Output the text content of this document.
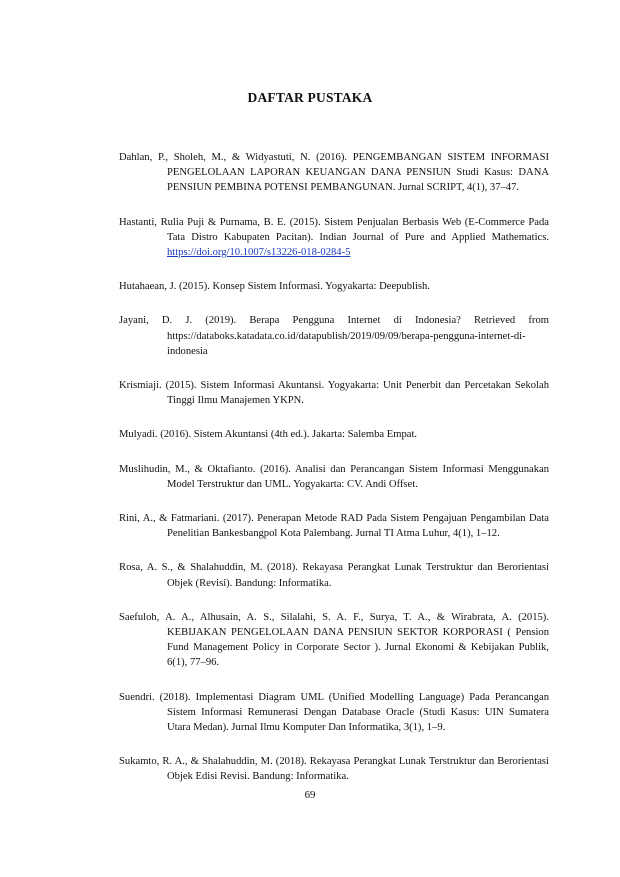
DAFTAR PUSTAKA

Dahlan, P., Sholeh, M., & Widyastuti, N. (2016). PENGEMBANGAN SISTEM INFORMASI PENGELOLAAN LAPORAN KEUANGAN DANA PENSIUN Studi Kasus: DANA PENSIUN PEMBINA POTENSI PEMBANGUNAN. Jurnal SCRIPT, 4(1), 37–47.

Hastanti, Rulia Puji & Purnama, B. E. (2015). Sistem Penjualan Berbasis Web (E-Commerce Pada Tata Distro Kabupaten Pacitan). Indian Journal of Pure and Applied Mathematics. https://doi.org/10.1007/s13226-018-0284-5

Hutahaean, J. (2015). Konsep Sistem Informasi. Yogyakarta: Deepublish.

Jayani, D. J. (2019). Berapa Pengguna Internet di Indonesia? Retrieved from https://databoks.katadata.co.id/datapublish/2019/09/09/berapa-pengguna-internet-di-indonesia

Krismiaji. (2015). Sistem Informasi Akuntansi. Yogyakarta: Unit Penerbit dan Percetakan Sekolah Tinggi Ilmu Manajemen YKPN.

Mulyadi. (2016). Sistem Akuntansi (4th ed.). Jakarta: Salemba Empat.

Muslihudin, M., & Oktafianto. (2016). Analisi dan Perancangan Sistem Informasi Menggunakan Model Terstruktur dan UML. Yogyakarta: CV. Andi Offset.

Rini, A., & Fatmariani. (2017). Penerapan Metode RAD Pada Sistem Pengajuan Pengambilan Data Penelitian Bankesbangpol Kota Palembang. Jurnal TI Atma Luhur, 4(1), 1–12.

Rosa, A. S., & Shalahuddin, M. (2018). Rekayasa Perangkat Lunak Terstruktur dan Berorientasi Objek (Revisi). Bandung: Informatika.

Saefuloh, A. A., Alhusain, A. S., Silalahi, S. A. F., Surya, T. A., & Wirabrata, A. (2015). KEBIJAKAN PENGELOLAAN DANA PENSIUN SEKTOR KORPORASI ( Pension Fund Management Policy in Corporate Sector ). Jurnal Ekonomi & Kebijakan Publik, 6(1), 77–96.

Suendri. (2018). Implementasi Diagram UML (Unified Modelling Language) Pada Perancangan Sistem Informasi Remunerasi Dengan Database Oracle (Studi Kasus: UIN Sumatera Utara Medan). Jurnal Ilmu Komputer Dan Informatika, 3(1), 1–9.

Sukamto, R. A., & Shalahuddin, M. (2018). Rekayasa Perangkat Lunak Terstruktur dan Berorientasi Objek Edisi Revisi. Bandung: Informatika.

69
